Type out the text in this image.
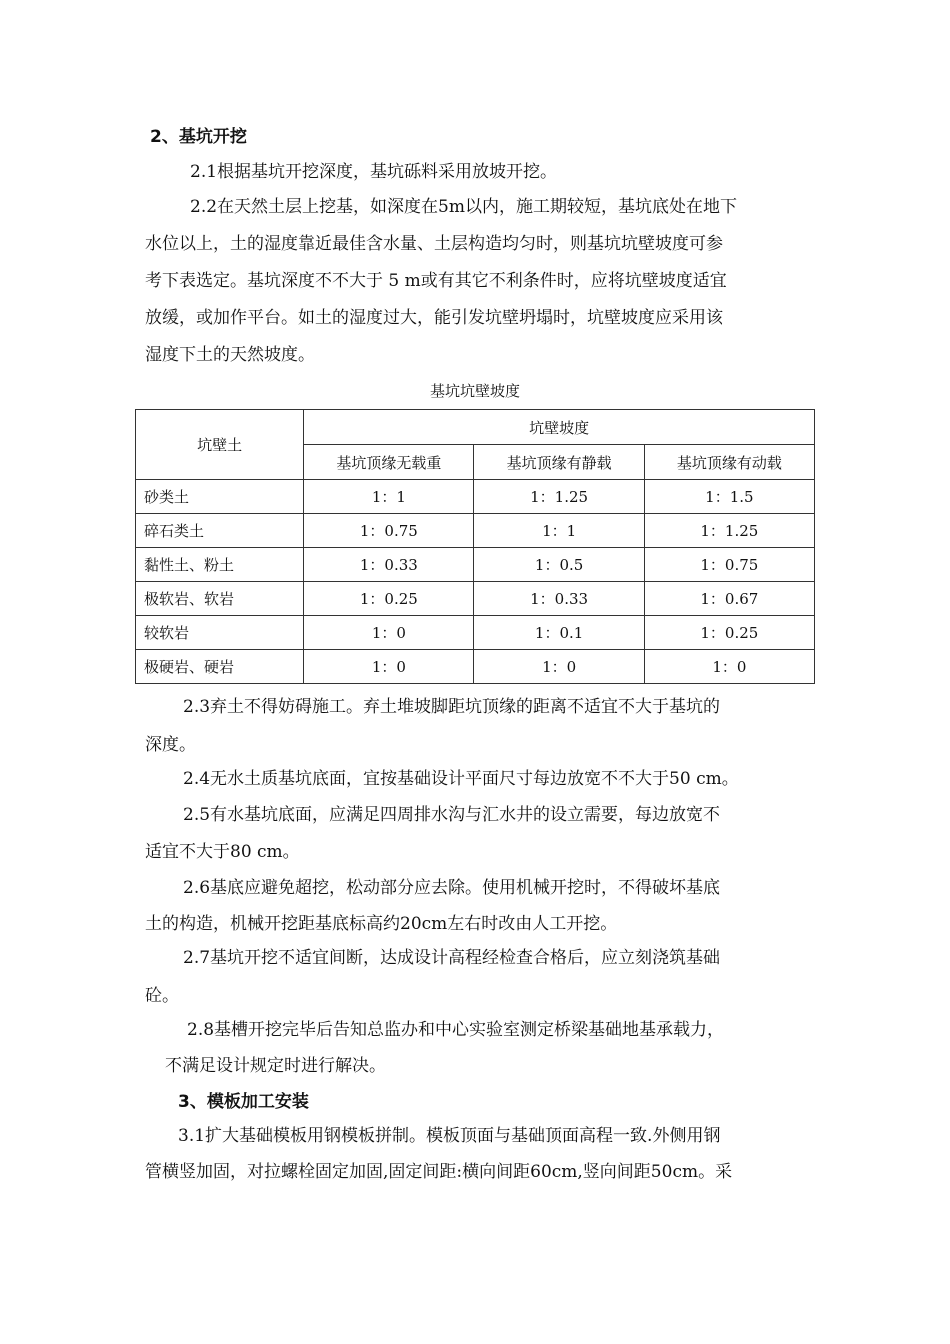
2、基坑开挖
2.1根据基坑开挖深度，基坑砾料采用放坡开挖。
2.2在天然土层上挖基，如深度在5m以内，施工期较短，基坑底处在地下
水位以上，土的湿度靠近最佳含水量、土层构造均匀时，则基坑坑壁坡度可参
考下表选定。基坑深度不不大于 5 m或有其它不利条件时，应将坑壁坡度适宜
放缓，或加作平台。如土的湿度过大，能引发坑壁坍塌时，坑壁坡度应采用该
湿度下土的天然坡度。
基坑坑壁坡度
坑壁土	坑壁坡度		
	基坑顶缘无载重	基坑顶缘有静载	基坑顶缘有动载
砂类土	1：1	1：1.25	1：1.5
碎石类土	1：0.75	1：1	1：1.25
黏性土、粉土	1：0.33	1：0.5	1：0.75
极软岩、软岩	1：0.25	1：0.33	1：0.67
较软岩	1：0	1：0.1	1：0.25
极硬岩、硬岩	1：0	1：0	1：0
2.3弃土不得妨碍施工。弃土堆坡脚距坑顶缘的距离不适宜不大于基坑的
深度。
2.4无水土质基坑底面，宜按基础设计平面尺寸每边放宽不不大于50 cm。
2.5有水基坑底面，应满足四周排水沟与汇水井的设立需要，每边放宽不
适宜不大于80 cm。
2.6基底应避免超挖，松动部分应去除。使用机械开挖时，不得破坏基底
土的构造，机械开挖距基底标高约20cm左右时改由人工开挖。
2.7基坑开挖不适宜间断，达成设计高程经检查合格后，应立刻浇筑基础
砼。
2.8基槽开挖完毕后告知总监办和中心实验室测定桥梁基础地基承载力，
不满足设计规定时进行解决。
3、模板加工安装
3.1扩大基础模板用钢模板拼制。模板顶面与基础顶面高程一致.外侧用钢
管横竖加固，对拉螺栓固定加固,固定间距:横向间距60cm,竖向间距50cm。采
